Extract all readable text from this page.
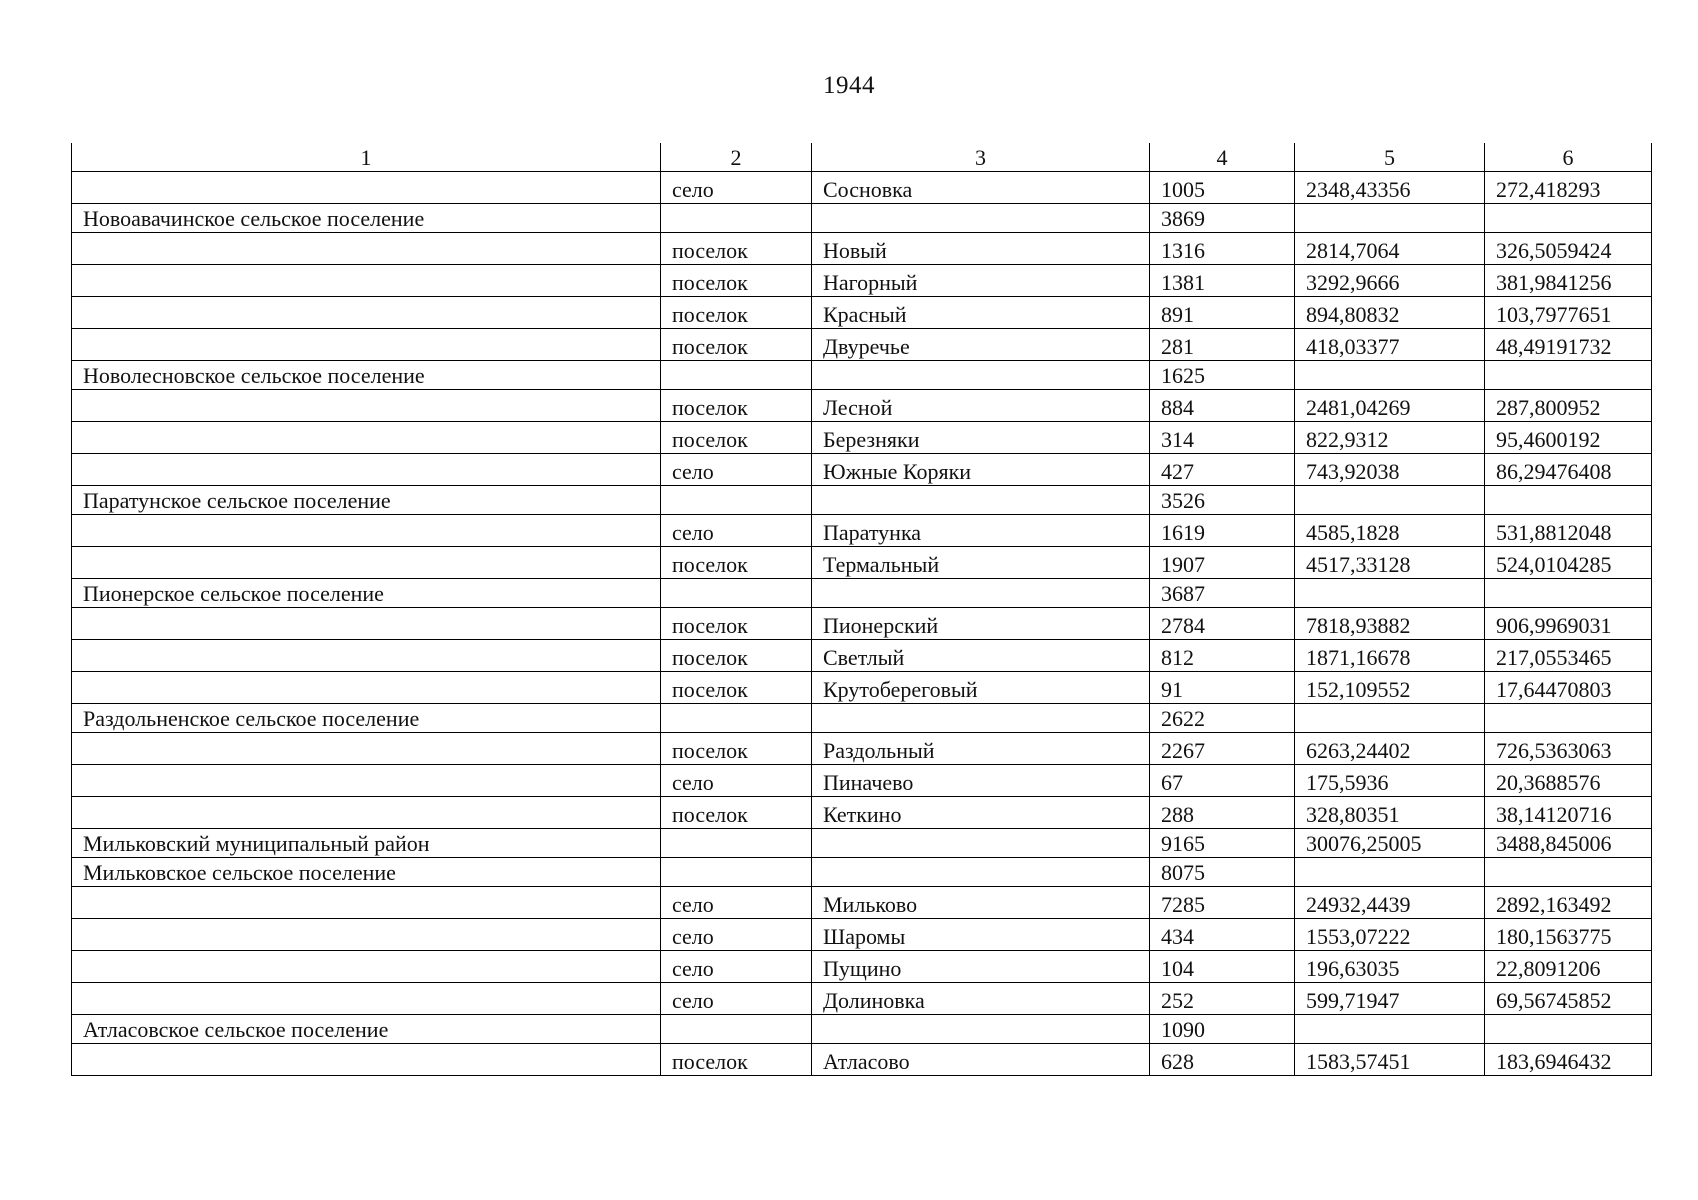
1944
1	2	3	4	5	6
	село	Сосновка	1005	2348,43356	272,418293
Новоавачинское сельское поселение			3869		
	поселок	Новый	1316	2814,7064	326,5059424
	поселок	Нагорный	1381	3292,9666	381,9841256
	поселок	Красный	891	894,80832	103,7977651
	поселок	Двуречье	281	418,03377	48,49191732
Новолесновское сельское поселение			1625		
	поселок	Лесной	884	2481,04269	287,800952
	поселок	Березняки	314	822,9312	95,4600192
	село	Южные Коряки	427	743,92038	86,29476408
Паратунское сельское поселение			3526		
	село	Паратунка	1619	4585,1828	531,8812048
	поселок	Термальный	1907	4517,33128	524,0104285
Пионерское сельское поселение			3687		
	поселок	Пионерский	2784	7818,93882	906,9969031
	поселок	Светлый	812	1871,16678	217,0553465
	поселок	Крутобереговый	91	152,109552	17,64470803
Раздольненское сельское поселение			2622		
	поселок	Раздольный	2267	6263,24402	726,5363063
	село	Пиначево	67	175,5936	20,3688576
	поселок	Кеткино	288	328,80351	38,14120716
Мильковский муниципальный район			9165	30076,25005	3488,845006
Мильковское сельское поселение			8075		
	село	Мильково	7285	24932,4439	2892,163492
	село	Шаромы	434	1553,07222	180,1563775
	село	Пущино	104	196,63035	22,8091206
	село	Долиновка	252	599,71947	69,56745852
Атласовское сельское поселение			1090		
	поселок	Атласово	628	1583,57451	183,6946432
